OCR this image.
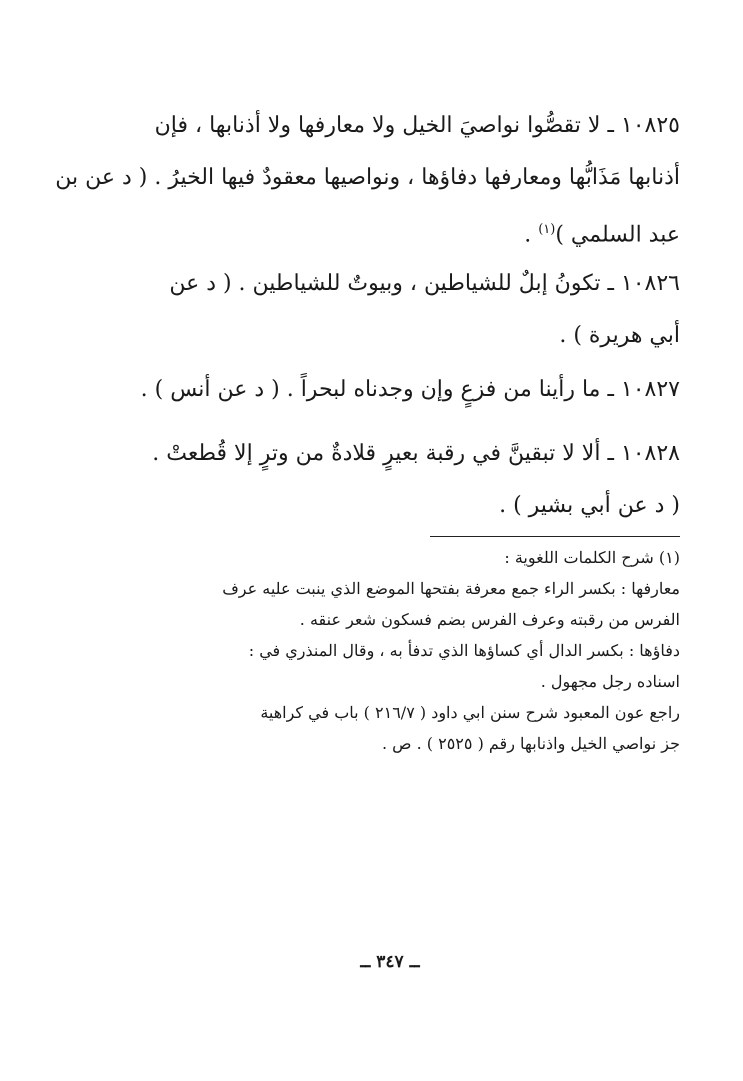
١٠٨٢٥ ـ لا تقصُّوا نواصيَ الخيل ولا معارفها ولا أذنابها ، فإن
أذنابها مَذَابُّها ومعارفها دفاؤها ، ونواصيها معقودٌ فيها الخيرُ . ( د عن بن
عبد السلمي )$^{(١)}$ .
١٠٨٢٦ ـ تكونُ إبلٌ للشياطين ، وبيوتٌ للشياطين . ( د عن
أبي هريرة ) .
١٠٨٢٧ ـ ما رأينا من فزعٍ وإن وجدناه لبحراً . ( د عن أنس ) .
١٠٨٢٨ ـ ألا لا تبقينَّ في رقبة بعيرٍ قلادةٌ من وترٍ إلا قُطعتْ .
( د عن أبي بشير ) .
(١) شرح الكلمات اللغوية :
معارفها : بكسر الراء جمع معرفة بفتحها الموضع الذي ينبت عليه عرف
الفرس من رقبته وعرف الفرس بضم فسكون شعر عنقه .
دفاؤها : بكسر الدال أي كساؤها الذي تدفأ به ، وقال المنذري في :
اسناده رجل مجهول .
راجع عون المعبود شرح سنن ابي داود ( ٢١٦/٧ ) باب في كراهية
جز نواصي الخيل واذنابها رقم ( ٢٥٢٥ ) . ص .
ــ ٣٤٧ ــ
